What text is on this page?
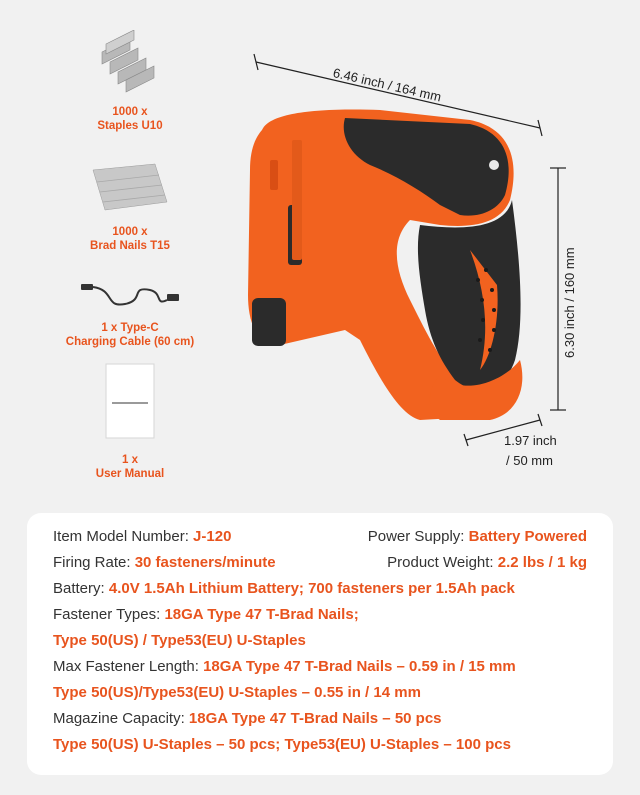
1000 x
Staples U10
1000 x
Brad Nails T15
1 x Type-C
Charging Cable (60 cm)
1 x
User Manual
6.46 inch / 164 mm
6.30 inch / 160 mm
1.97 inch
/ 50 mm
Item Model Number: J-120	Power Supply: Battery Powered
Firing Rate: 30 fasteners/minute	Product Weight: 2.2 lbs / 1 kg
Battery: 4.0V 1.5Ah Lithium Battery; 700 fasteners per 1.5Ah pack
Fastener Types: 18GA Type 47 T-Brad Nails;
Type 50(US) / Type53(EU) U-Staples
Max Fastener Length: 18GA Type 47 T-Brad Nails – 0.59 in / 15 mm
Type 50(US)/Type53(EU) U-Staples – 0.55 in / 14 mm
Magazine Capacity: 18GA Type 47 T-Brad Nails – 50 pcs
Type 50(US) U-Staples – 50 pcs; Type53(EU) U-Staples – 100 pcs
